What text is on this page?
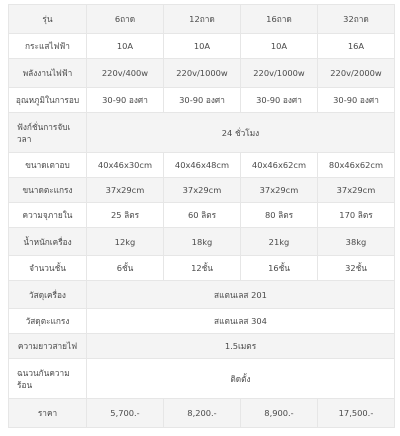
รุ่น	6ถาด	12ถาด	16ถาด	32ถาด
กระแสไฟฟ้า	10A	10A	10A	16A
พลังงานไฟฟ้า	220v/400w	220v/1000w	220v/1000w	220v/2000w
อุณหภูมิในการอบ	30-90 องศา	30-90 องศา	30-90 องศา	30-90 องศา
ฟังก์ชั่นการจับเวลา	24 ชั่วโมง			
ขนาดเตาอบ	40x46x30cm	40x46x48cm	40x46x62cm	80x46x62cm
ขนาดตะแกรง	37x29cm	37x29cm	37x29cm	37x29cm
ความจุภายใน	25 ลิตร	60 ลิตร	80 ลิตร	170 ลิตร
น้ำหนักเครื่อง	12kg	18kg	21kg	38kg
จำนวนชั้น	6ชั้น	12ชั้น	16ชั้น	32ชั้น
วัสดุเครื่อง	สแตนเลส 201			
วัสดุตะแกรง	สแตนเลส 304			
ความยาวสายไฟ	1.5เมตร			
ฉนวนกันความร้อน	ติดตั้ง			
ราคา	5,700.-	8,200.-	8,900.-	17,500.-
